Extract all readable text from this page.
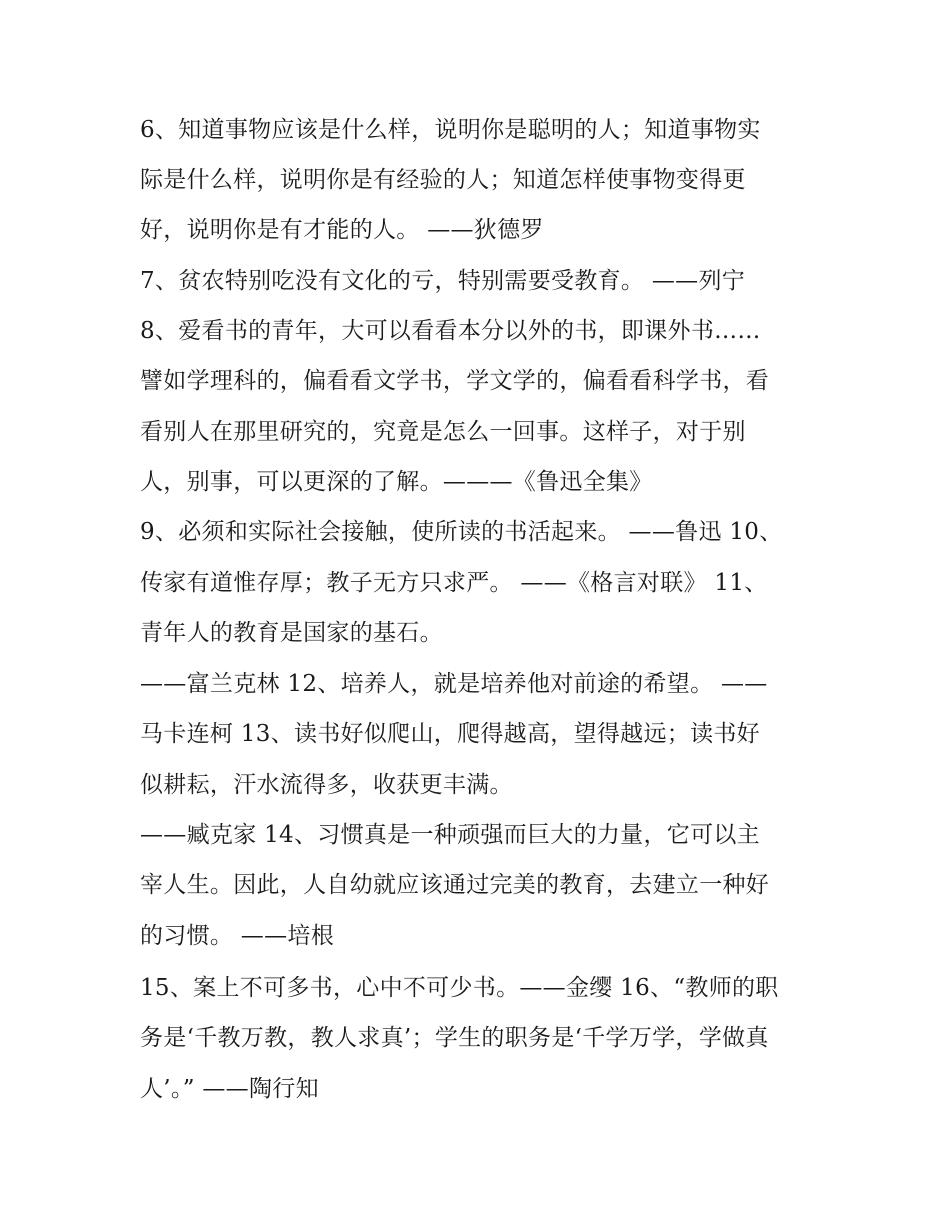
6、知道事物应该是什么样，说明你是聪明的人；知道事物实
际是什么样，说明你是有经验的人；知道怎样使事物变得更
好，说明你是有才能的人。 ——狄德罗
7、贫农特别吃没有文化的亏，特别需要受教育。 ——列宁
8、爱看书的青年，大可以看看本分以外的书，即课外书……
譬如学理科的，偏看看文学书，学文学的，偏看看科学书，看
看别人在那里研究的，究竟是怎么一回事。这样子，对于别
人，别事，可以更深的了解。———《鲁迅全集》
9、必须和实际社会接触，使所读的书活起来。 ——鲁迅 10、
传家有道惟存厚；教子无方只求严。 ——《格言对联》 11、
青年人的教育是国家的基石。
——富兰克林 12、培养人，就是培养他对前途的希望。 ——
马卡连柯 13、读书好似爬山，爬得越高，望得越远；读书好
似耕耘，汗水流得多，收获更丰满。
——臧克家 14、习惯真是一种顽强而巨大的力量，它可以主
宰人生。因此，人自幼就应该通过完美的教育，去建立一种好
的习惯。 ——培根
15、案上不可多书，心中不可少书。——金缨 16、“教师的职
务是‘千教万教，教人求真’；学生的职务是‘千学万学，学做真
人’。” ——陶行知
